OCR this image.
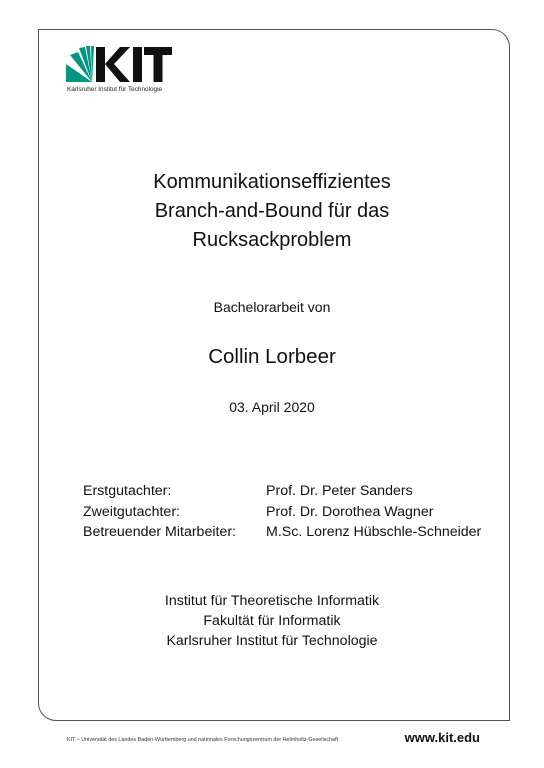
Karlsruher Institut für Technologie
Kommunikationseffizientes
Branch-and-Bound für das
Rucksackproblem
Bachelorarbeit von
Collin Lorbeer
03. April 2020
Erstgutachter:	Prof. Dr. Peter Sanders
Zweitgutachter:	Prof. Dr. Dorothea Wagner
Betreuender Mitarbeiter:	M.Sc. Lorenz Hübschle-Schneider
Institut für Theoretische Informatik
Fakultät für Informatik
Karlsruher Institut für Technologie
KIT – Universität des Landes Baden-Württemberg und nationales Forschungszentrum der Helmholtz-Gesellschaft	www.kit.edu
